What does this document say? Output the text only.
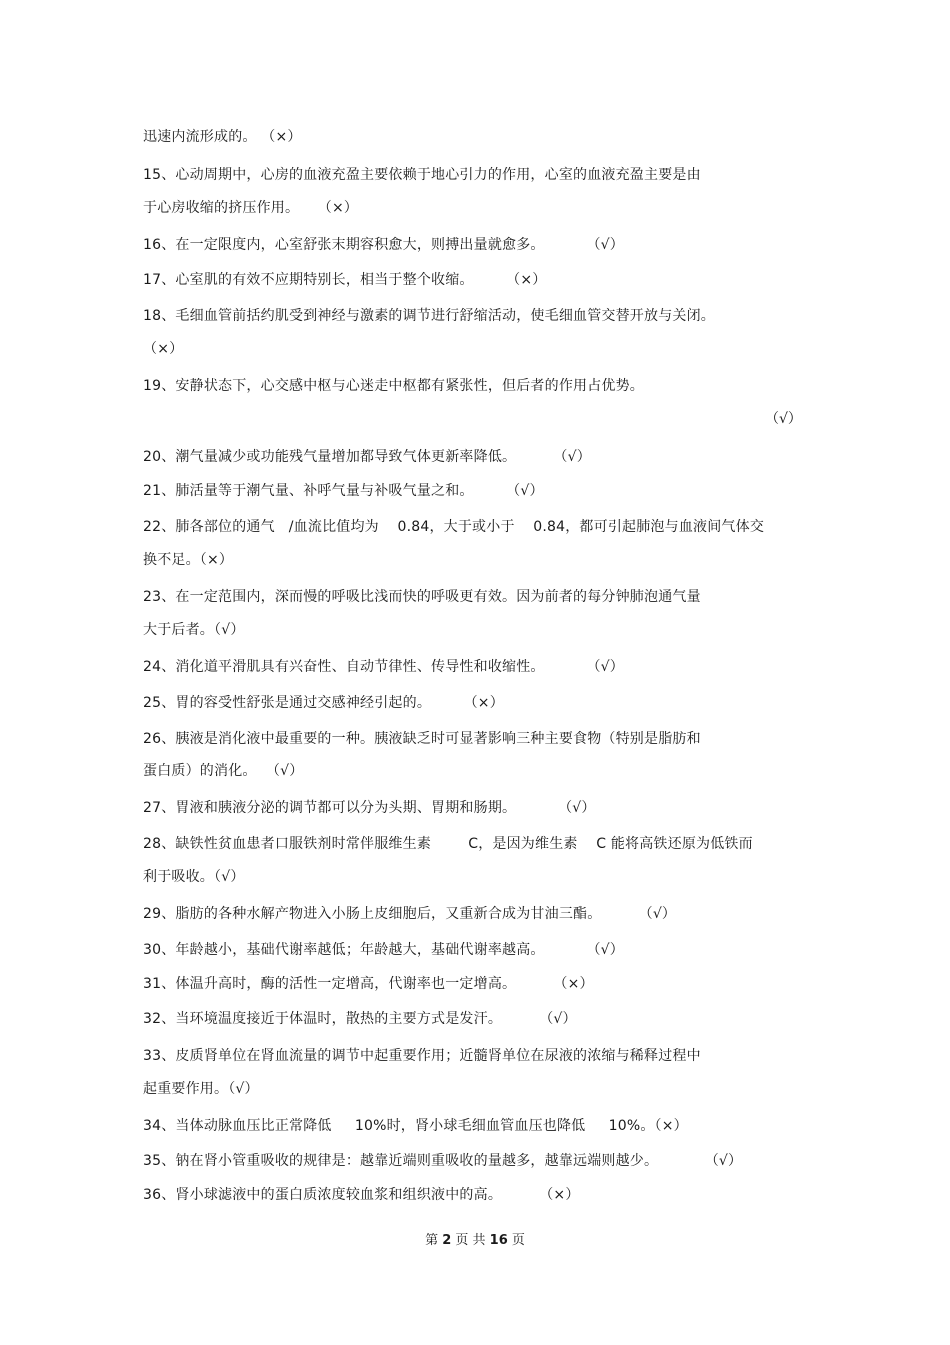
迅速内流形成的。 （×）
15、心动周期中，心房的血液充盈主要依赖于地心引力的作用，心室的血液充盈主要是由
于心房收缩的挤压作用。    （×）
16、在一定限度内，心室舒张末期容积愈大，则搏出量就愈多。         （√）
17、心室肌的有效不应期特别长，相当于整个收缩。       （×）
18、毛细血管前括约肌受到神经与激素的调节进行舒缩活动，使毛细血管交替开放与关闭。
（×）
19、安静状态下，心交感中枢与心迷走中枢都有紧张性，但后者的作用占优势。
（√）
20、潮气量减少或功能残气量增加都导致气体更新率降低。        （√）
21、肺活量等于潮气量、补呼气量与补吸气量之和。       （√）
22、肺各部位的通气   /血流比值均为    0.84，大于或小于    0.84，都可引起肺泡与血液间气体交
换不足。（×）
23、在一定范围内，深而慢的呼吸比浅而快的呼吸更有效。因为前者的每分钟肺泡通气量
大于后者。（√）
24、消化道平滑肌具有兴奋性、自动节律性、传导性和收缩性。         （√）
25、胃的容受性舒张是通过交感神经引起的。       （×）
26、胰液是消化液中最重要的一种。胰液缺乏时可显著影响三种主要食物（特别是脂肪和
蛋白质）的消化。  （√）
27、胃液和胰液分泌的调节都可以分为头期、胃期和肠期。         （√）
28、缺铁性贫血患者口服铁剂时常伴服维生素        C，是因为维生素    C 能将高铁还原为低铁而
利于吸收。（√）
29、脂肪的各种水解产物进入小肠上皮细胞后，又重新合成为甘油三酯。        （√）
30、年龄越小，基础代谢率越低；年龄越大，基础代谢率越高。         （√）
31、体温升高时，酶的活性一定增高，代谢率也一定增高。        （×）
32、当环境温度接近于体温时，散热的主要方式是发汗。        （√）
33、皮质肾单位在肾血流量的调节中起重要作用；近髓肾单位在尿液的浓缩与稀释过程中
起重要作用。（√）
34、当体动脉血压比正常降低     10%时，肾小球毛细血管血压也降低     10%。（×）
35、钠在肾小管重吸收的规律是：越靠近端则重吸收的量越多，越靠远端则越少。          （√）
36、肾小球滤液中的蛋白质浓度较血浆和组织液中的高。        （×）
第 2 页 共 16 页
